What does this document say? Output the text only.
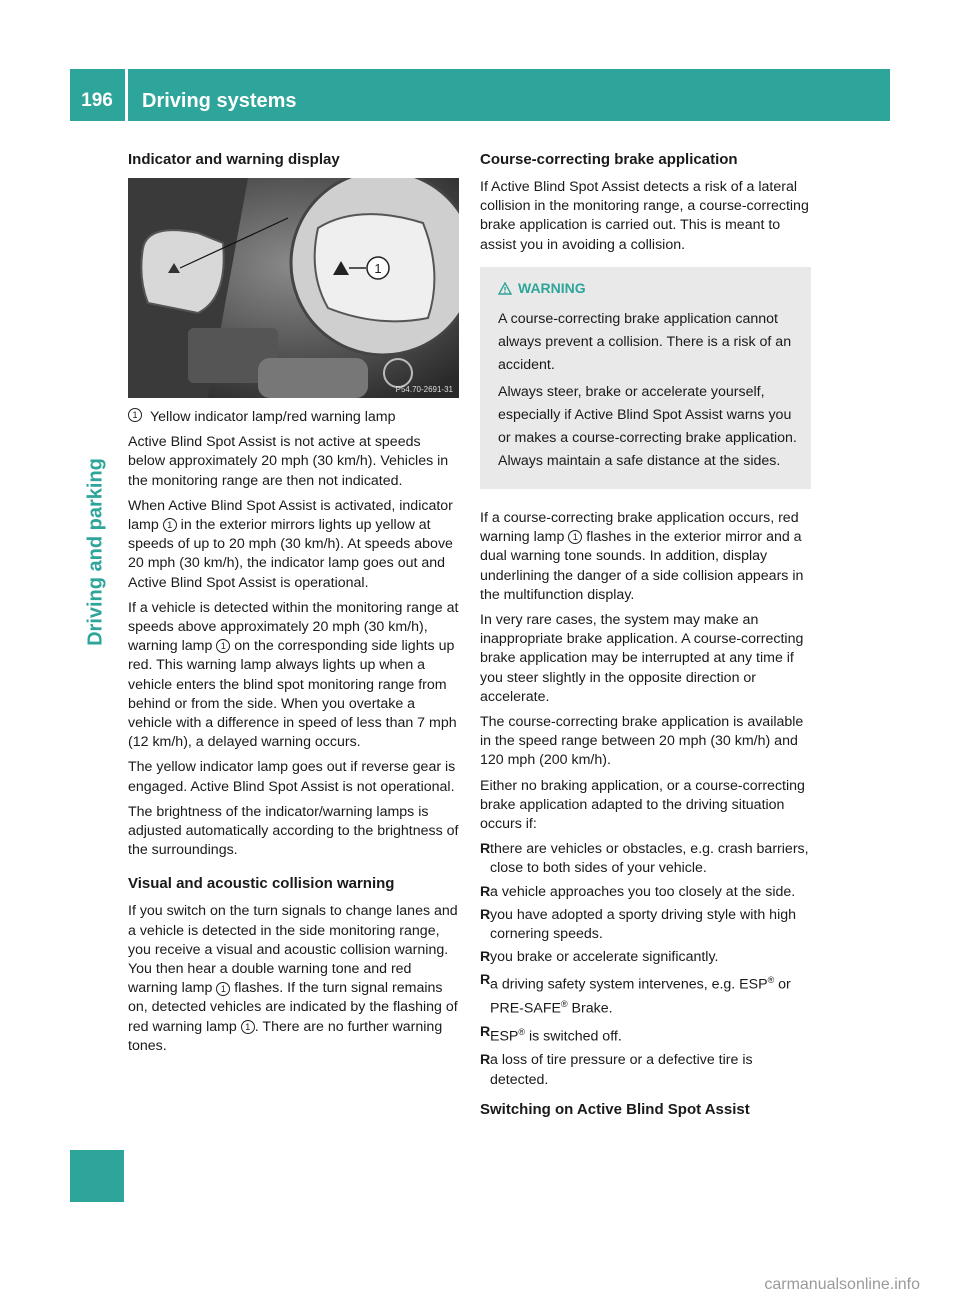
196	Driving systems
Driving and parking
Indicator and warning display
1
P54.70-2691-31
1 Yellow indicator lamp/red warning lamp

Active Blind Spot Assist is not active at speeds below approximately 20 mph (30 km/h). Vehicles in the monitoring range are then not indicated.

When Active Blind Spot Assist is activated, indicator lamp 1 in the exterior mirrors lights up yellow at speeds of up to 20 mph (30 km/h). At speeds above 20 mph (30 km/h), the indicator lamp goes out and Active Blind Spot Assist is operational.

If a vehicle is detected within the monitoring range at speeds above approximately 20 mph (30 km/h), warning lamp 1 on the corresponding side lights up red. This warning lamp always lights up when a vehicle enters the blind spot monitoring range from behind or from the side. When you overtake a vehicle with a difference in speed of less than 7 mph (12 km/h), a delayed warning occurs.

The yellow indicator lamp goes out if reverse gear is engaged. Active Blind Spot Assist is not operational.

The brightness of the indicator/warning lamps is adjusted automatically according to the brightness of the surroundings.

Visual and acoustic collision warning

If you switch on the turn signals to change lanes and a vehicle is detected in the side monitoring range, you receive a visual and acoustic collision warning. You then hear a double warning tone and red warning lamp 1 flashes. If the turn signal remains on, detected vehicles are indicated by the flashing of red warning lamp 1 . There are no further warning tones.

Course-correcting brake application

If Active Blind Spot Assist detects a risk of a lateral collision in the monitoring range, a course-correcting brake application is carried out. This is meant to assist you in avoiding a collision.

WARNING

A course-correcting brake application cannot always prevent a collision. There is a risk of an accident.

Always steer, brake or accelerate yourself, especially if Active Blind Spot Assist warns you or makes a course-correcting brake application. Always maintain a safe distance at the sides.

If a course-correcting brake application occurs, red warning lamp 1 flashes in the exterior mirror and a dual warning tone sounds. In addition, display underlining the danger of a side collision appears in the multifunction display.

In very rare cases, the system may make an inappropriate brake application. A course-correcting brake application may be interrupted at any time if you steer slightly in the opposite direction or accelerate.

The course-correcting brake application is available in the speed range between 20 mph (30 km/h) and 120 mph (200 km/h).

Either no braking application, or a course-correcting brake application adapted to the driving situation occurs if:

R there are vehicles or obstacles, e.g. crash barriers, close to both sides of your vehicle.
R a vehicle approaches you too closely at the side.
R you have adopted a sporty driving style with high cornering speeds.
R you brake or accelerate significantly.
R a driving safety system intervenes, e.g. ESP® or PRE-SAFE® Brake.
R ESP® is switched off.
R a loss of tire pressure or a defective tire is detected.
Switching on Active Blind Spot Assist
carmanualsonline.info
